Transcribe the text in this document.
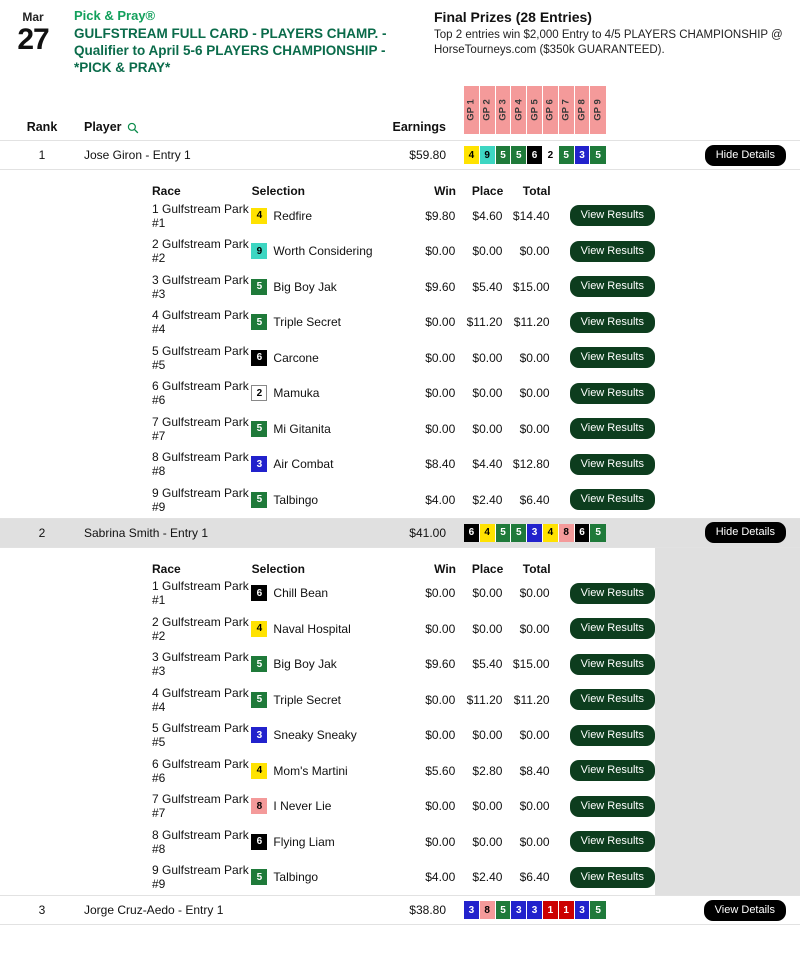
Mar
27
Pick & Pray®
GULFSTREAM FULL CARD - PLAYERS CHAMP. - Qualifier to April 5-6 PLAYERS CHAMPIONSHIP - *PICK & PRAY*
Final Prizes (28 Entries)
Top 2 entries win $2,000 Entry to 4/5 PLAYERS CHAMPIONSHIP @ HorseTourneys.com ($350k GUARANTEED).
Rank	Player	Earnings
GP 1 GP 2 GP 3 GP 4 GP 5 GP 6 GP 7 GP 8 GP 9
1	Jose Giron - Entry 1	$59.80	4	9	5	5	6	2	5	3	5	Hide Details
Race	Selection	Win	Place	Total
1 Gulfstream Park #1	4 Redfire	$9.80	$4.60 $14.40	View Results
2 Gulfstream Park #2	9 Worth Considering	$0.00	$0.00	$0.00	View Results
3 Gulfstream Park #3	5 Big Boy Jak	$9.60	$5.40 $15.00	View Results
4 Gulfstream Park #4	5 Triple Secret	$0.00 $11.20 $11.20	View Results
5 Gulfstream Park #5	6 Carcone	$0.00	$0.00	$0.00	View Results
6 Gulfstream Park #6	2 Mamuka	$0.00	$0.00	$0.00	View Results
7 Gulfstream Park #7	5 Mi Gitanita	$0.00	$0.00	$0.00	View Results
8 Gulfstream Park #8	3 Air Combat	$8.40	$4.40 $12.80	View Results
9 Gulfstream Park #9	5 Talbingo	$4.00	$2.40	$6.40	View Results
2	Sabrina Smith - Entry 1	$41.00	6	4	5	5	3	4	8	6	5	Hide Details
Race	Selection	Win	Place	Total
1 Gulfstream Park #1	6 Chill Bean	$0.00	$0.00	$0.00	View Results
2 Gulfstream Park #2	4 Naval Hospital	$0.00	$0.00	$0.00	View Results
3 Gulfstream Park #3	5 Big Boy Jak	$9.60	$5.40 $15.00	View Results
4 Gulfstream Park #4	5 Triple Secret	$0.00 $11.20 $11.20	View Results
5 Gulfstream Park #5	3 Sneaky Sneaky	$0.00	$0.00	$0.00	View Results
6 Gulfstream Park #6	4 Mom's Martini	$5.60	$2.80	$8.40	View Results
7 Gulfstream Park #7	8 I Never Lie	$0.00	$0.00	$0.00	View Results
8 Gulfstream Park #8	6 Flying Liam	$0.00	$0.00	$0.00	View Results
9 Gulfstream Park #9	5 Talbingo	$4.00	$2.40	$6.40	View Results
3	Jorge Cruz-Aedo - Entry 1	$38.80	3	8	5	3	3	1	1	3	5	View Details
